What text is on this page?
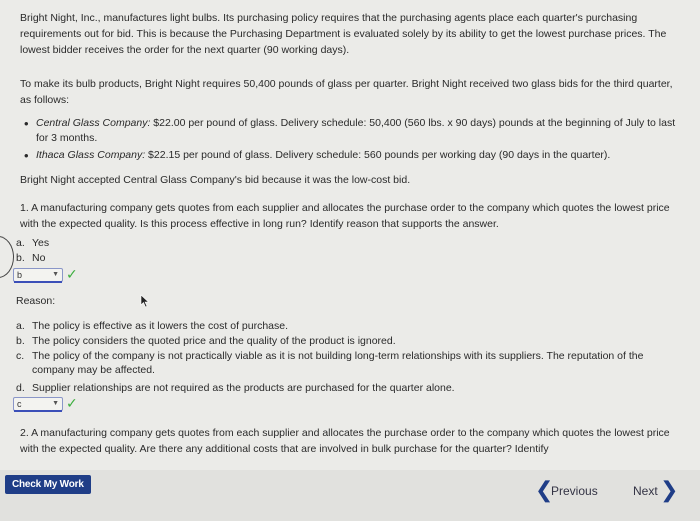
Bright Night, Inc., manufactures light bulbs. Its purchasing policy requires that the purchasing agents place each quarter's purchasing requirements out for bid. This is because the Purchasing Department is evaluated solely by its ability to get the lowest purchase prices. The lowest bidder receives the order for the next quarter (90 working days).

To make its bulb products, Bright Night requires 50,400 pounds of glass per quarter. Bright Night received two glass bids for the third quarter, as follows:

• Central Glass Company: $22.00 per pound of glass. Delivery schedule: 50,400 (560 lbs. x 90 days) pounds at the beginning of July to last for 3 months.
• Ithaca Glass Company: $22.15 per pound of glass. Delivery schedule: 560 pounds per working day (90 days in the quarter).

Bright Night accepted Central Glass Company's bid because it was the low-cost bid.

1. A manufacturing company gets quotes from each supplier and allocates the purchase order to the company which quotes the lowest price with the expected quality. Is this process effective in long run? Identify reason that supports the answer.

a. Yes
b. No
b	▼ ✓
Reason:
a. The policy is effective as it lowers the cost of purchase.
b. The policy considers the quoted price and the quality of the product is ignored.
c. The policy of the company is not practically viable as it is not building long-term relationships with its suppliers. The reputation of the company may be affected.
d. Supplier relationships are not required as the products are purchased for the quarter alone.
c	▼ ✓

2. A manufacturing company gets quotes from each supplier and allocates the purchase order to the company which quotes the lowest price with the expected quality. Are there any additional costs that are involved in bulk purchase for the quarter? Identify

Check My Work	❮
Previous	Next ❯
